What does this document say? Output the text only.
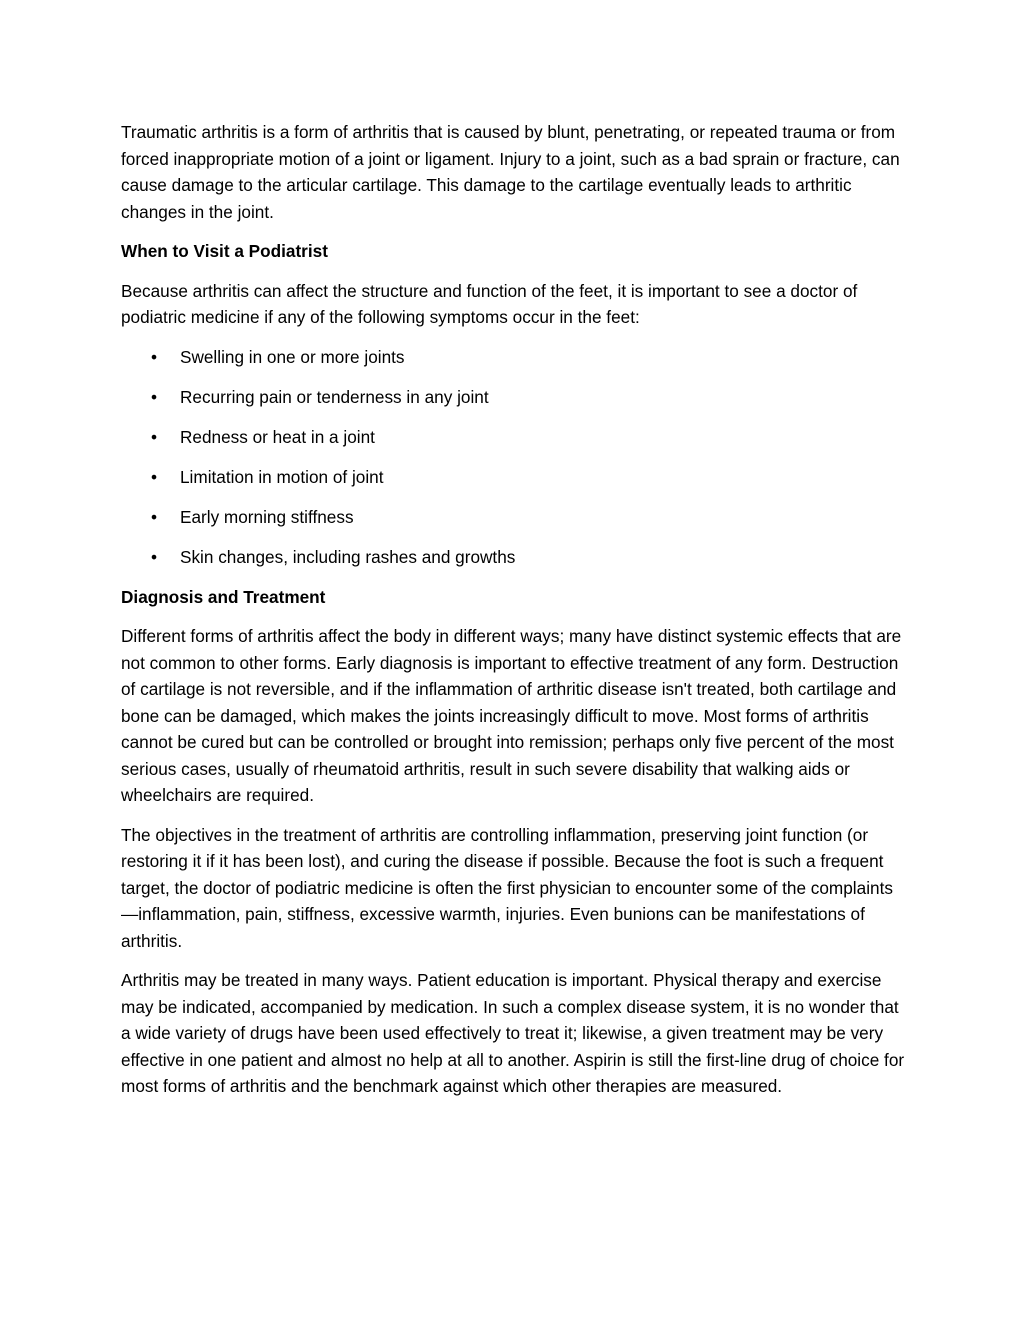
Traumatic arthritis is a form of arthritis that is caused by blunt, penetrating, or repeated trauma or from forced inappropriate motion of a joint or ligament. Injury to a joint, such as a bad sprain or fracture, can cause damage to the articular cartilage. This damage to the cartilage eventually leads to arthritic changes in the joint.

When to Visit a Podiatrist

Because arthritis can affect the structure and function of the feet, it is important to see a doctor of podiatric medicine if any of the following symptoms occur in the feet:

• Swelling in one or more joints
• Recurring pain or tenderness in any joint
• Redness or heat in a joint
• Limitation in motion of joint
• Early morning stiffness
• Skin changes, including rashes and growths

Diagnosis and Treatment

Different forms of arthritis affect the body in different ways; many have distinct systemic effects that are not common to other forms. Early diagnosis is important to effective treatment of any form. Destruction of cartilage is not reversible, and if the inflammation of arthritic disease isn't treated, both cartilage and bone can be damaged, which makes the joints increasingly difficult to move. Most forms of arthritis cannot be cured but can be controlled or brought into remission; perhaps only five percent of the most serious cases, usually of rheumatoid arthritis, result in such severe disability that walking aids or wheelchairs are required.

The objectives in the treatment of arthritis are controlling inflammation, preserving joint function (or restoring it if it has been lost), and curing the disease if possible. Because the foot is such a frequent target, the doctor of podiatric medicine is often the first physician to encounter some of the complaints—inflammation, pain, stiffness, excessive warmth, injuries. Even bunions can be manifestations of arthritis.

Arthritis may be treated in many ways. Patient education is important. Physical therapy and exercise may be indicated, accompanied by medication. In such a complex disease system, it is no wonder that a wide variety of drugs have been used effectively to treat it; likewise, a given treatment may be very effective in one patient and almost no help at all to another. Aspirin is still the first-line drug of choice for most forms of arthritis and the benchmark against which other therapies are measured.
